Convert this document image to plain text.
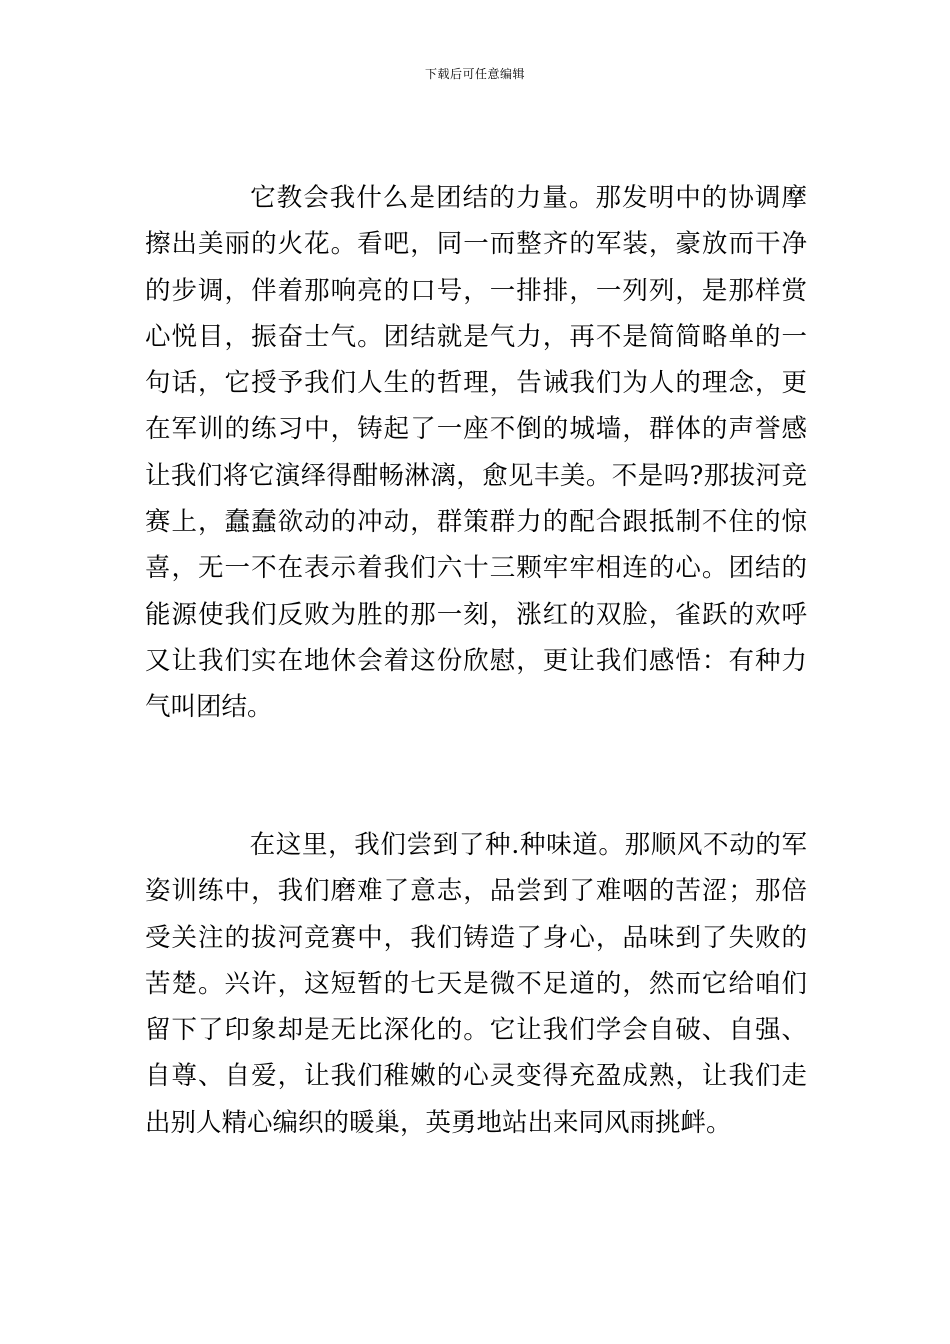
下载后可任意编辑

它教会我什么是团结的力量。那发明中的协调摩擦出美丽的火花。看吧，同一而整齐的军装，豪放而干净的步调，伴着那响亮的口号，一排排，一列列，是那样赏心悦目，振奋士气。团结就是气力，再不是简简略单的一句话，它授予我们人生的哲理，告诫我们为人的理念，更在军训的练习中，铸起了一座不倒的城墙，群体的声誉感让我们将它演绎得酣畅淋漓，愈见丰美。不是吗?那拔河竞赛上，蠢蠢欲动的冲动，群策群力的配合跟抵制不住的惊喜，无一不在表示着我们六十三颗牢牢相连的心。团结的能源使我们反败为胜的那一刻，涨红的双脸，雀跃的欢呼又让我们实在地休会着这份欣慰，更让我们感悟：有种力气叫团结。

在这里，我们尝到了种.种味道。那顺风不动的军姿训练中，我们磨难了意志，品尝到了难咽的苦涩；那倍受关注的拔河竞赛中，我们铸造了身心，品味到了失败的苦楚。兴许，这短暂的七天是微不足道的，然而它给咱们留下了印象却是无比深化的。它让我们学会自破、自强、自尊、自爱，让我们稚嫩的心灵变得充盈成熟，让我们走出别人精心编织的暖巢，英勇地站出来同风雨挑衅。
